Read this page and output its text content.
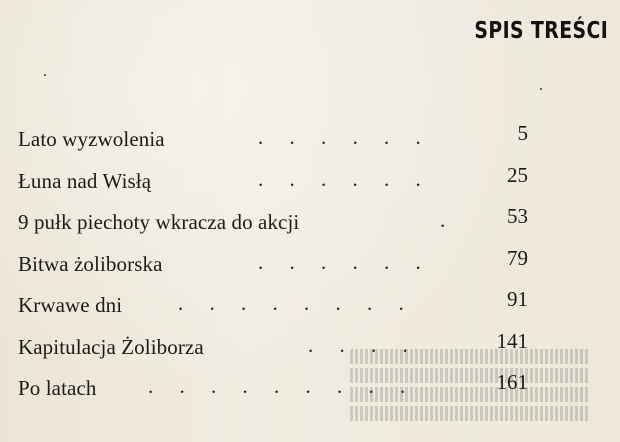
SPIS TREŚCI
Lato wyzwolenia	.     .     .     .     .     .	5
Łuna nad Wisłą	.     .     .     .     .     .	25
9 pułk piechoty wkracza do akcji	.	53
Bitwa żoliborska	.     .     .     .     .     .	79
Krwawe dni	.     .     .     .     .     .     .     .	91
Kapitulacja Żoliborza	.     .     .     .	141
Po latach .     .     .     .     .     .     .     .     .	161
